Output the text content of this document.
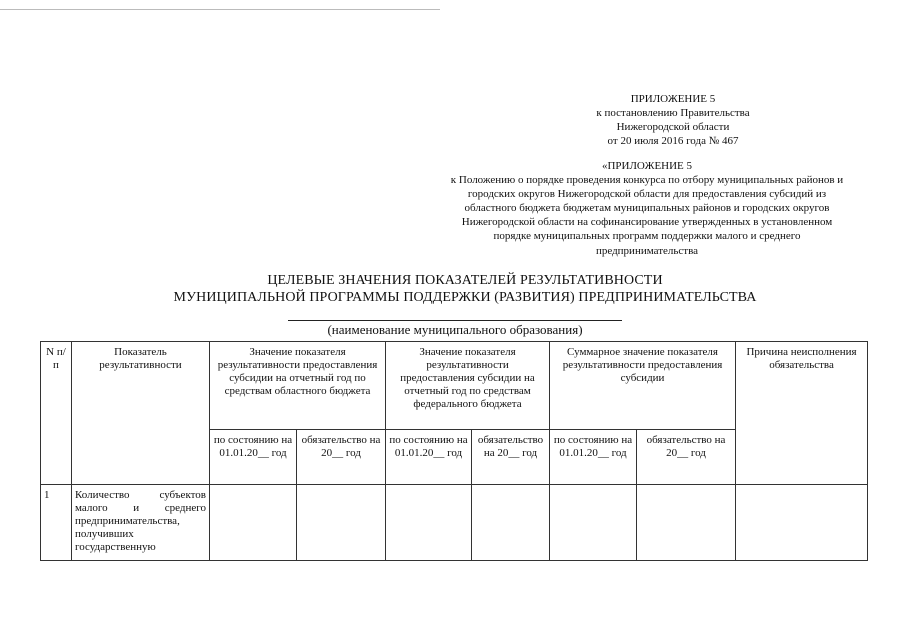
ПРИЛОЖЕНИЕ 5
к постановлению Правительства
Нижегородской области
от 20 июля 2016 года № 467
«ПРИЛОЖЕНИЕ 5
к Положению о порядке проведения конкурса по отбору муниципальных районов и
городских округов Нижегородской области для предоставления субсидий из
областного бюджета бюджетам муниципальных районов и городских округов
Нижегородской области на софинансирование утвержденных в установленном
порядке муниципальных программ поддержки малого и среднего
предпринимательства
ЦЕЛЕВЫЕ ЗНАЧЕНИЯ ПОКАЗАТЕЛЕЙ РЕЗУЛЬТАТИВНОСТИ
МУНИЦИПАЛЬНОЙ ПРОГРАММЫ ПОДДЕРЖКИ (РАЗВИТИЯ) ПРЕДПРИНИМАТЕЛЬСТВА
(наименование муниципального образования)
N п/п	Показатель результативности	Значение показателя результативности предоставления субсидии на отчетный год по средствам областного бюджета		Значение показателя результативности предоставления субсидии на отчетный год по средствам федерального бюджета		Суммарное значение показателя результативности предоставления субсидии		Причина неисполнения обязательства
		по состоянию на 01.01.20__ год	обязательство на 20__ год	по состоянию на 01.01.20__ год	обязательство на 20__ год	по состоянию на 01.01.20__ год	обязательство на 20__ год	
1	Количество субъектов малого и среднего предпринимательства, получивших государственную							
